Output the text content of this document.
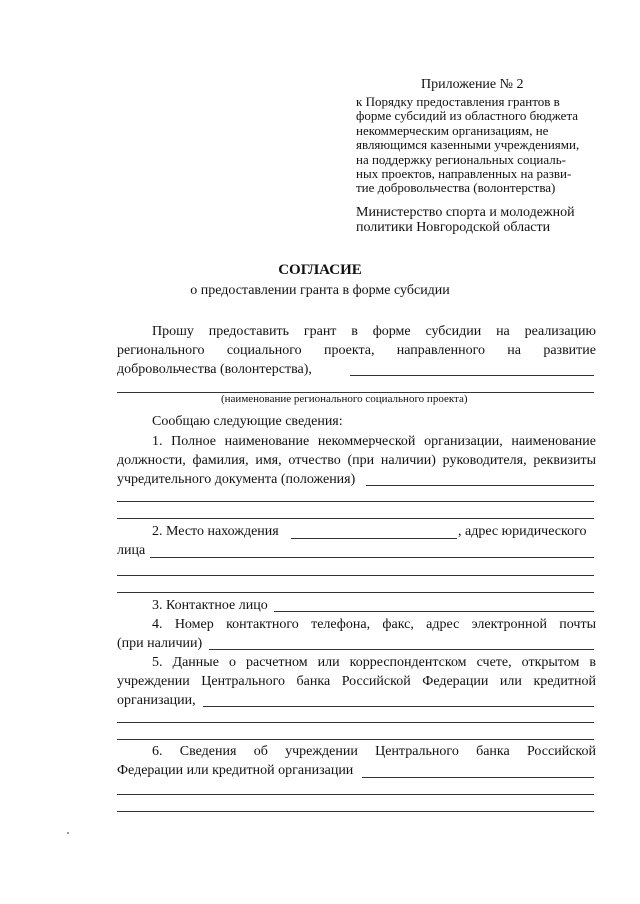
Приложение № 2
к Порядку предоставления грантов в
форме субсидий из областного бюджета
некоммерческим организациям, не
являющимся казенными учреждениями,
на поддержку региональных социаль-
ных проектов, направленных на разви-
тие добровольчества (волонтерства)
Министерство спорта и молодежной
политики Новгородской области
СОГЛАСИЕ
о предоставлении гранта в форме субсидии
Прошу предоставить грант в форме субсидии на реализацию
регионального социального проекта, направленного на развитие
добровольчества (волонтерства),
(наименование регионального социального проекта)
Сообщаю следующие сведения:
1. Полное наименование некоммерческой организации, наименование
должности, фамилия, имя, отчество (при наличии) руководителя, реквизиты
учредительного документа (положения)
2. Место нахождения	, адрес юридического
лица
3. Контактное лицо
4. Номер контактного телефона, факс, адрес электронной почты
(при наличии)
5. Данные о расчетном или корреспондентском счете, открытом в
учреждении Центрального банка Российской Федерации или кредитной
организации,
6. Сведения об учреждении Центрального банка Российской
Федерации или кредитной организации
